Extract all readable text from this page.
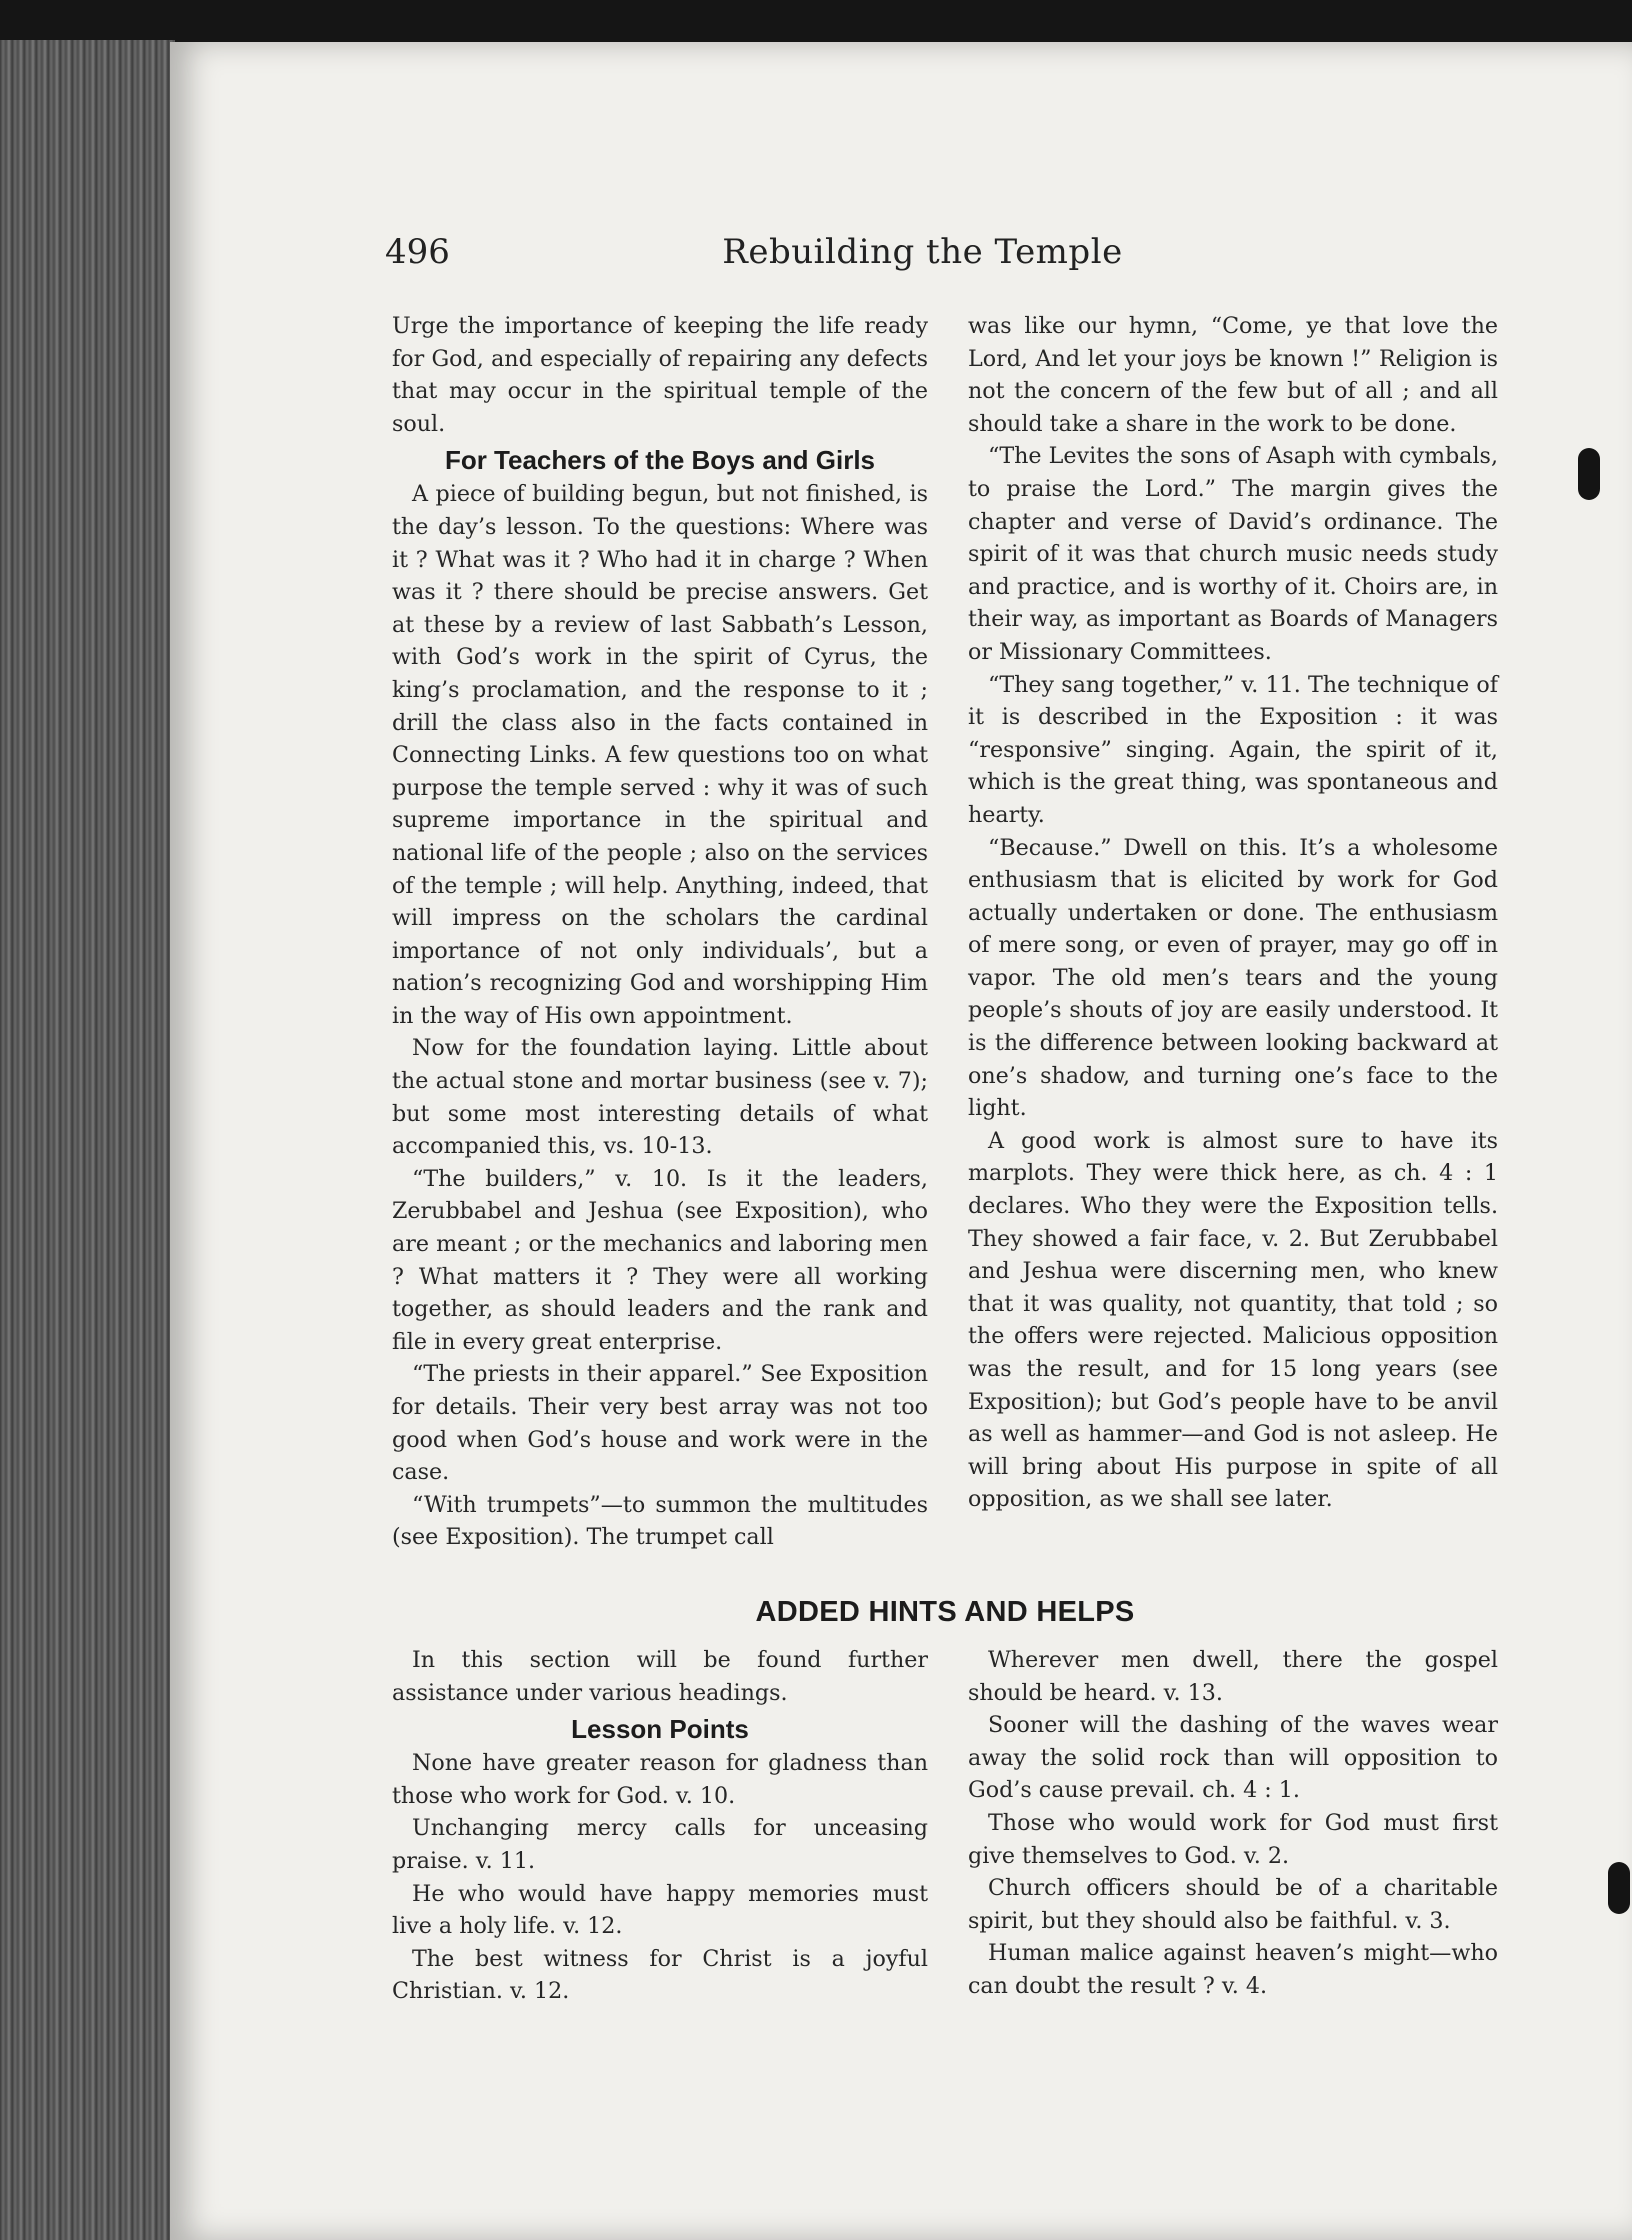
496	Rebuilding the Temple

Urge the importance of keeping the life ready for God, and especially of repairing any defects that may occur in the spiritual temple of the soul.

For Teachers of the Boys and Girls

A piece of building begun, but not finished, is the day’s lesson. To the questions: Where was it ? What was it ? Who had it in charge ? When was it ? there should be precise answers. Get at these by a review of last Sabbath’s Lesson, with God’s work in the spirit of Cyrus, the king’s proclamation, and the response to it ; drill the class also in the facts contained in Connecting Links. A few questions too on what purpose the temple served : why it was of such supreme importance in the spiritual and national life of the people ; also on the services of the temple ; will help. Anything, indeed, that will impress on the scholars the cardinal importance of not only individuals’, but a nation’s recognizing God and worshipping Him in the way of His own appointment.

Now for the foundation laying. Little about the actual stone and mortar business (see v. 7); but some most interesting details of what accompanied this, vs. 10-13.

“The builders,” v. 10. Is it the leaders, Zerubbabel and Jeshua (see Exposition), who are meant ; or the mechanics and laboring men ? What matters it ? They were all working together, as should leaders and the rank and file in every great enterprise.

“The priests in their apparel.” See Exposition for details. Their very best array was not too good when God’s house and work were in the case.

“With trumpets”—to summon the multitudes (see Exposition). The trumpet call

was like our hymn, “Come, ye that love the Lord, And let your joys be known !” Religion is not the concern of the few but of all ; and all should take a share in the work to be done.

“The Levites the sons of Asaph with cymbals, to praise the Lord.” The margin gives the chapter and verse of David’s ordinance. The spirit of it was that church music needs study and practice, and is worthy of it. Choirs are, in their way, as important as Boards of Managers or Missionary Committees.

“They sang together,” v. 11. The technique of it is described in the Exposition : it was “responsive” singing. Again, the spirit of it, which is the great thing, was spontaneous and hearty.

“Because.” Dwell on this. It’s a wholesome enthusiasm that is elicited by work for God actually undertaken or done. The enthusiasm of mere song, or even of prayer, may go off in vapor. The old men’s tears and the young people’s shouts of joy are easily understood. It is the difference between looking backward at one’s shadow, and turning one’s face to the light.

A good work is almost sure to have its marplots. They were thick here, as ch. 4 : 1 declares. Who they were the Exposition tells. They showed a fair face, v. 2. But Zerubbabel and Jeshua were discerning men, who knew that it was quality, not quantity, that told ; so the offers were rejected. Malicious opposition was the result, and for 15 long years (see Exposition); but God’s people have to be anvil as well as hammer—and God is not asleep. He will bring about His purpose in spite of all opposition, as we shall see later.

ADDED HINTS AND HELPS

In this section will be found further assistance under various headings.

Lesson Points

None have greater reason for gladness than those who work for God. v. 10.

Unchanging mercy calls for unceasing praise. v. 11.

He who would have happy memories must live a holy life. v. 12.

The best witness for Christ is a joyful Christian. v. 12.

Wherever men dwell, there the gospel should be heard. v. 13.

Sooner will the dashing of the waves wear away the solid rock than will opposition to God’s cause prevail. ch. 4 : 1.

Those who would work for God must first give themselves to God. v. 2.

Church officers should be of a charitable spirit, but they should also be faithful. v. 3.

Human malice against heaven’s might—who can doubt the result ? v. 4.
